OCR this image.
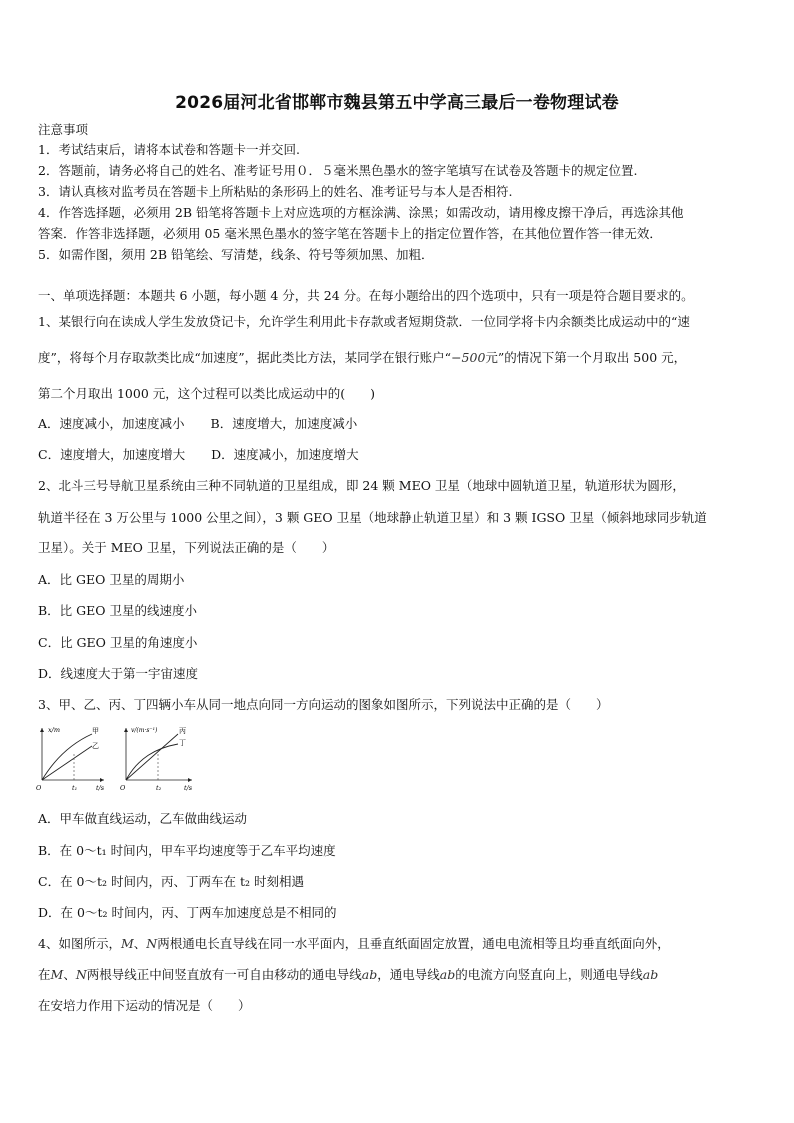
2026届河北省邯郸市魏县第五中学高三最后一卷物理试卷
注意事项
1．考试结束后，请将本试卷和答题卡一并交回.
2．答题前，请务必将自己的姓名、准考证号用０．５毫米黑色墨水的签字笔填写在试卷及答题卡的规定位置.
3．请认真核对监考员在答题卡上所粘贴的条形码上的姓名、准考证号与本人是否相符.
4．作答选择题，必须用 2B 铅笔将答题卡上对应选项的方框涂满、涂黑；如需改动，请用橡皮擦干净后，再选涂其他
答案．作答非选择题，必须用 05 毫米黑色墨水的签字笔在答题卡上的指定位置作答，在其他位置作答一律无效．
5．如需作图，须用 2B 铅笔绘、写清楚，线条、符号等须加黑、加粗．
一、单项选择题：本题共 6 小题，每小题 4 分，共 24 分。在每小题给出的四个选项中，只有一项是符合题目要求的。
1、某银行向在读成人学生发放贷记卡，允许学生利用此卡存款或者短期贷款．一位同学将卡内余额类比成运动中的“速
度”，将每个月存取款类比成“加速度”，据此类比方法，某同学在银行账户“−500元”的情况下第一个月取出 500 元，
第二个月取出 1000 元，这个过程可以类比成运动中的(　　)
A．速度减小，加速度减小 B．速度增大，加速度减小
C．速度增大，加速度增大 D．速度减小，加速度增大
2、北斗三号导航卫星系统由三种不同轨道的卫星组成，即 24 颗 MEO 卫星（地球中圆轨道卫星，轨道形状为圆形，
轨道半径在 3 万公里与 1000 公里之间），3 颗 GEO 卫星（地球静止轨道卫星）和 3 颗 IGSO 卫星（倾斜地球同步轨道
卫星）。关于 MEO 卫星，下列说法正确的是（　　）
A．比 GEO 卫星的周期小
B．比 GEO 卫星的线速度小
C．比 GEO 卫星的角速度小
D．线速度大于第一宇宙速度
3、甲、乙、丙、丁四辆小车从同一地点向同一方向运动的图象如图所示，下列说法中正确的是（　　）
x/m
t/s
O	t₁
甲
乙
v/(m·s⁻¹)
t/s
O	t₂
丙
丁
A．甲车做直线运动，乙车做曲线运动
B．在 0～t₁ 时间内，甲车平均速度等于乙车平均速度
C．在 0～t₂ 时间内，丙、丁两车在 t₂ 时刻相遇
D．在 0～t₂ 时间内，丙、丁两车加速度总是不相同的
4、如图所示，M、N两根通电长直导线在同一水平面内，且垂直纸面固定放置，通电电流相等且均垂直纸面向外，
在M、N两根导线正中间竖直放有一可自由移动的通电导线ab，通电导线ab的电流方向竖直向上，则通电导线ab
在安培力作用下运动的情况是（　　）
